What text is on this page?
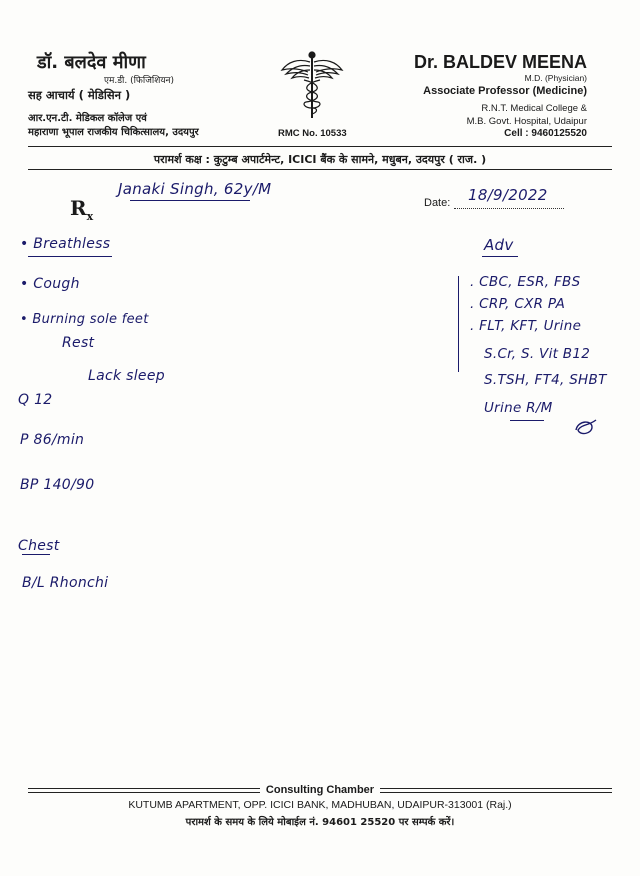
डॉ. बलदेव मीणा
एम.डी. (फिजिशियन)
सह आचार्य ( मेडिसिन )
आर.एन.टी. मेडिकल कॉलेज एवं
महाराणा भूपाल राजकीय चिकित्सालय, उदयपुर	RMC No. 10533
Dr. BALDEV MEENA
M.D. (Physician)
Associate Professor (Medicine)
R.N.T. Medical College &
M.B. Govt. Hospital, Udaipur
Cell : 9460125520
परामर्श कक्ष : कुटुम्ब अपार्टमेन्ट, ICICI बैंक के सामने, मधुबन, उदयपुर ( राज. )
$R_x$
Date:
Janaki Singh, 62y/M	18/9/2022
• Breathless
• Cough
• Burning sole feet
Rest
Lack sleep
Q 12
P 86/min
BP 140/90
Chest
B/L Rhonchi
Adv
. CBC, ESR, FBS
. CRP, CXR PA
. FLT, KFT, Urine
S.Cr, S. Vit B12
S.TSH, FT4, SHBT
Urine R/M
Consulting Chamber
KUTUMB APARTMENT, OPP. ICICI BANK, MADHUBAN, UDAIPUR-313001 (Raj.)
परामर्श के समय के लिये मोबाईल नं. 94601 25520 पर सम्पर्क करें।
